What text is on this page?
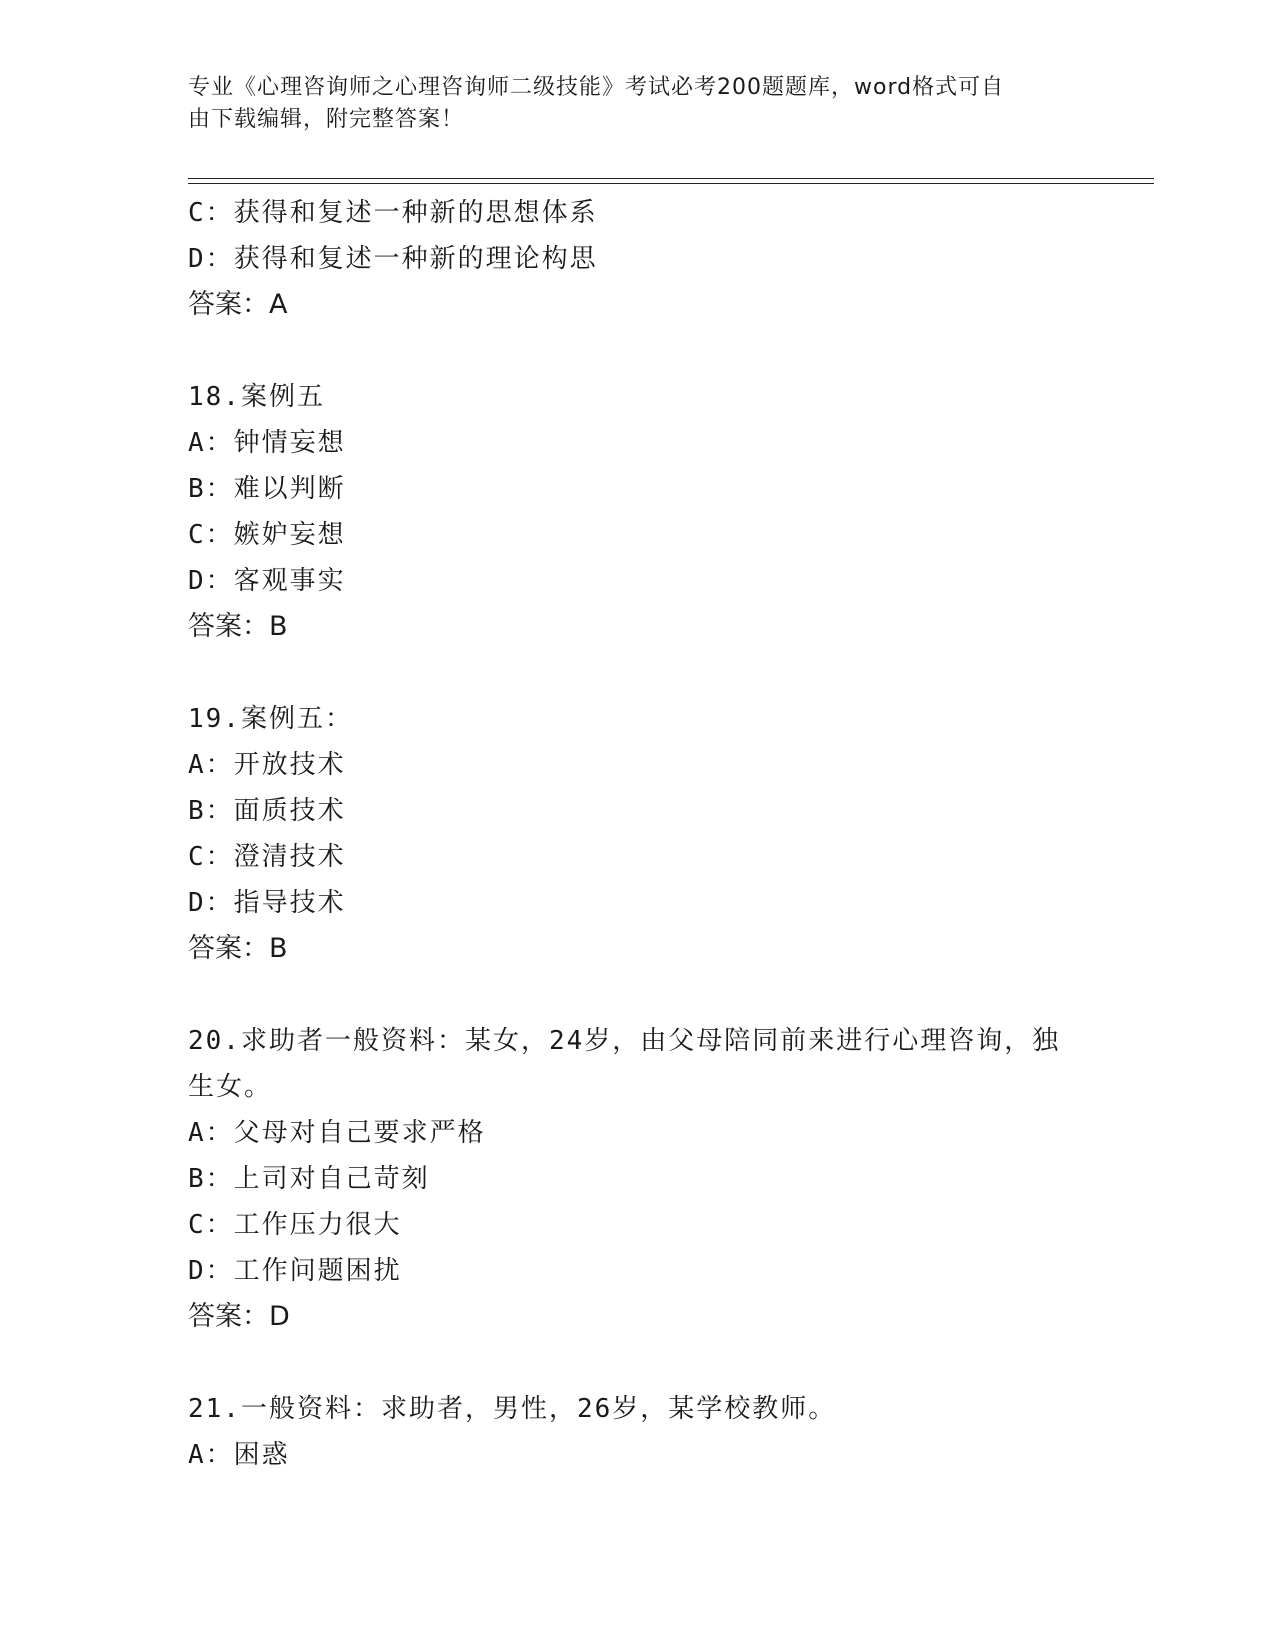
专业《心理咨询师之心理咨询师二级技能》考试必考200题题库，word格式可自
由下载编辑，附完整答案！
C：获得和复述一种新的思想体系
D：获得和复述一种新的理论构思
答案：A
18.案例五
A：钟情妄想
B：难以判断
C：嫉妒妄想
D：客观事实
答案：B
19.案例五：
A：开放技术
B：面质技术
C：澄清技术
D：指导技术
答案：B
20.求助者一般资料：某女，24岁，由父母陪同前来进行心理咨询，独
生女。
A：父母对自己要求严格
B：上司对自己苛刻
C：工作压力很大
D：工作问题困扰
答案：D
21.一般资料：求助者，男性，26岁，某学校教师。
A：困惑
